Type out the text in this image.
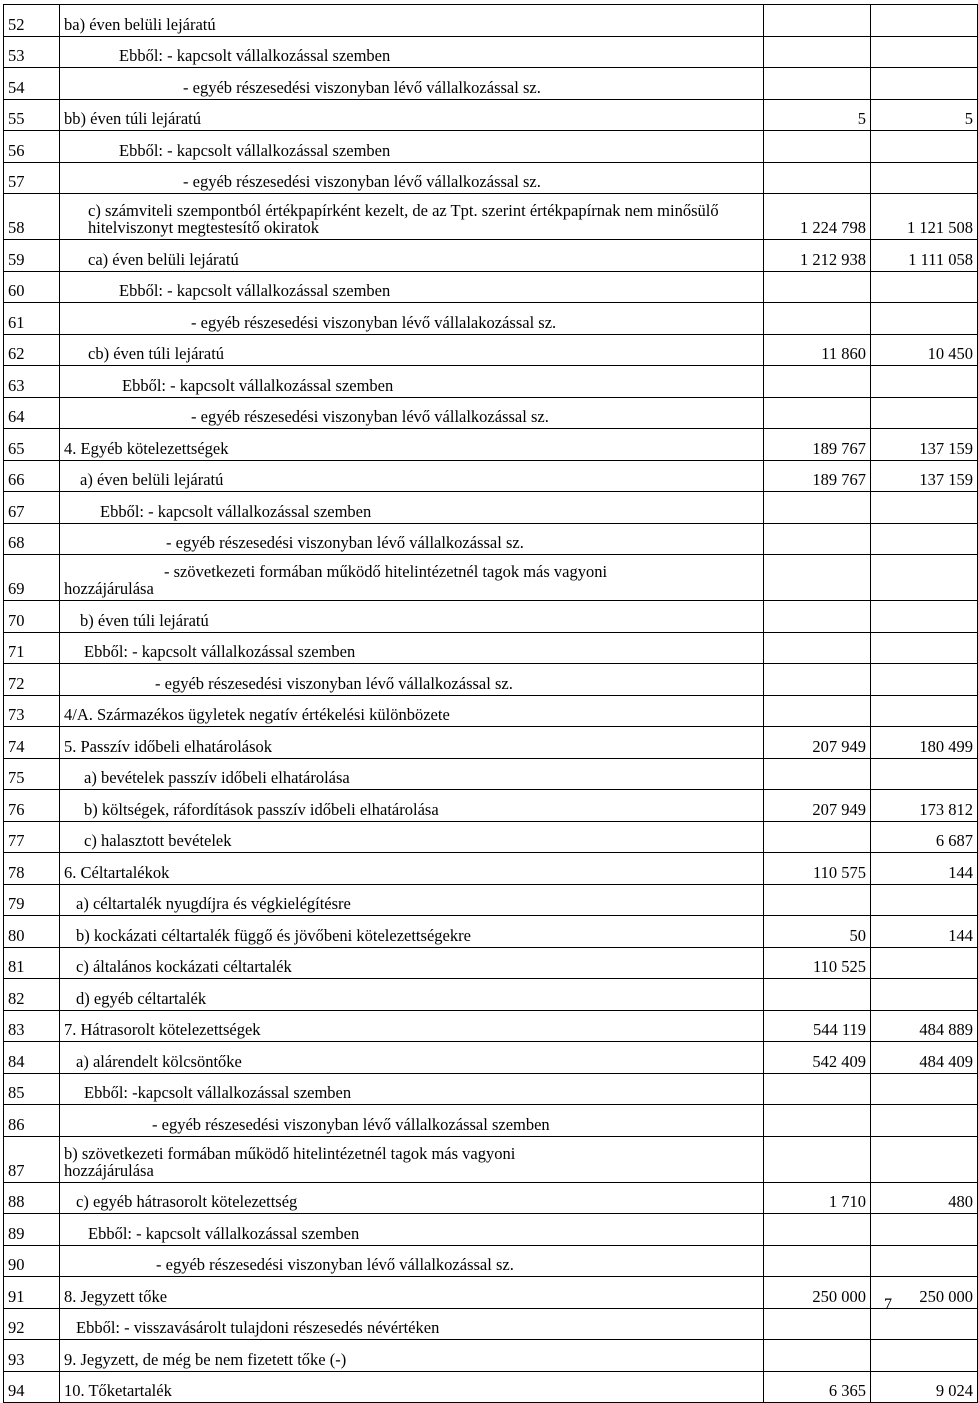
52	ba) éven belüli lejáratú		
53	Ebből: - kapcsolt vállalkozással szemben		
54	- egyéb részesedési viszonyban lévő vállalkozással sz.		
55	bb) éven túli lejáratú	5	5
56	Ebből: - kapcsolt vállalkozással szemben		
57	- egyéb részesedési viszonyban lévő vállalkozással sz.		
58	c) számviteli szempontból értékpapírként kezelt, de az Tpt. szerint értékpapírnak nem minősülő hitelviszonyt megtestesítő okiratok	1 224 798	1 121 508
59	ca) éven belüli lejáratú	1 212 938	1 111 058
60	Ebből: - kapcsolt vállalkozással szemben		
61	- egyéb részesedési viszonyban lévő vállalakozással sz.		
62	cb) éven túli lejáratú	11 860	10 450
63	Ebből: - kapcsolt vállalkozással szemben		
64	- egyéb részesedési viszonyban lévő vállalkozással sz.		
65	4. Egyéb kötelezettségek	189 767	137 159
66	a) éven belüli lejáratú	189 767	137 159
67	Ebből: - kapcsolt vállalkozással szemben		
68	- egyéb részesedési viszonyban lévő vállalkozással sz.		
69	- szövetkezeti formában működő hitelintézetnél tagok más vagyoni
hozzájárulása		

70	b) éven túli lejáratú		
71	Ebből: - kapcsolt vállalkozással szemben		
72	- egyéb részesedési viszonyban lévő vállalkozással sz.		
73	4/A. Származékos ügyletek negatív értékelési különbözete		
74	5. Passzív időbeli elhatárolások	207 949	180 499
75	a) bevételek passzív időbeli elhatárolása		
76	b) költségek, ráfordítások passzív időbeli elhatárolása	207 949	173 812
77	c) halasztott bevételek		6 687
78	6. Céltartalékok	110 575	144
79	a) céltartalék nyugdíjra és végkielégítésre		
80	b) kockázati céltartalék függő és jövőbeni kötelezettségekre	50	144
81	c) általános kockázati céltartalék	110 525	
82	d) egyéb céltartalék		
83	7. Hátrasorolt kötelezettségek	544 119	484 889
84	a) alárendelt kölcsöntőke	542 409	484 409
85	Ebből: -kapcsolt vállalkozással szemben		
86	- egyéb részesedési viszonyban lévő vállalkozással szemben		
87	b) szövetkezeti formában működő hitelintézetnél tagok más vagyoni
hozzájárulása		

88	c) egyéb hátrasorolt kötelezettség	1 710	480
89	Ebből: - kapcsolt vállalkozással szemben		
90	- egyéb részesedési viszonyban lévő vállalkozással sz.		
91	8. Jegyzett tőke	250 000	250 000
92	Ebből: - visszavásárolt tulajdoni részesedés névértéken		
93	9. Jegyzett, de még be nem fizetett tőke (-)		
94	10. Tőketartalék	6 365	9 024
7
